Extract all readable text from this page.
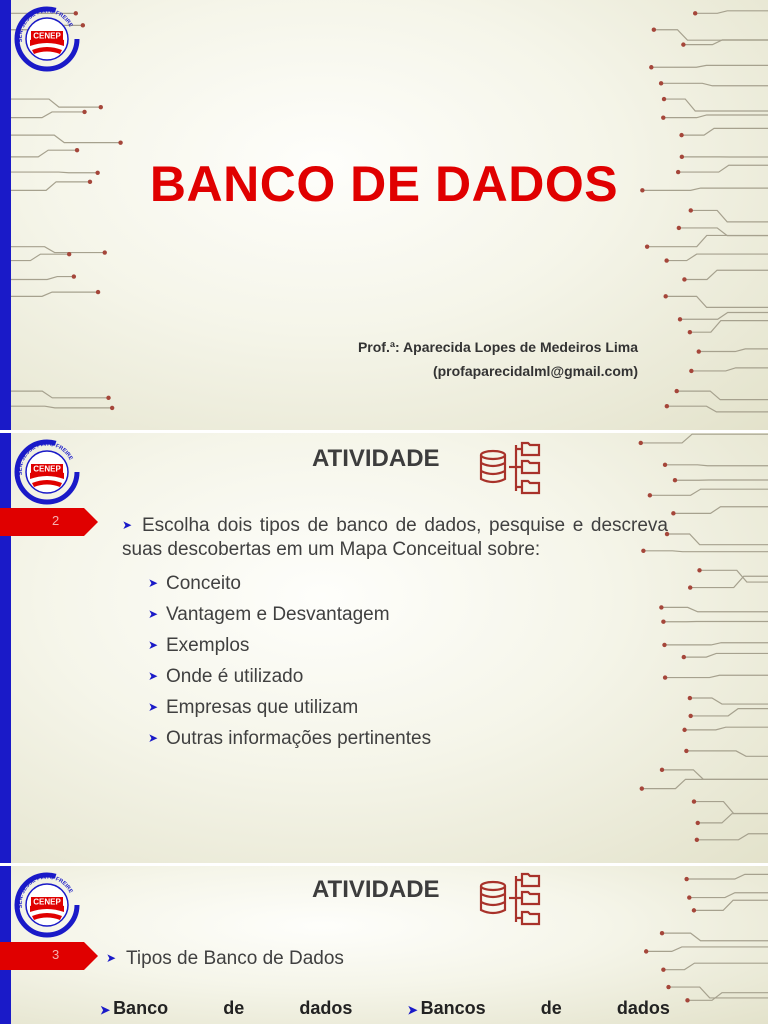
CENEP
SEN. JESSÉ PINTO FREIRE
BANCO DE DADOS
Prof.ª: Aparecida Lopes de Medeiros Lima
(profaparecidalml@gmail.com)
CENEP
SEN. JESSÉ PINTO FREIRE	ATIVIDADE
2	➤ Escolha dois tipos de banco de dados, pesquise e descreva suas descobertas em um Mapa Conceitual sobre:
➤ Conceito
➤ Vantagem e Desvantagem
➤ Exemplos
➤ Onde é utilizado
➤ Empresas que utilizam
➤ Outras informações pertinentes
CENEP
SEN. JESSÉ PINTO FREIRE	ATIVIDADE
3	➤ Tipos de Banco de Dados
➤ Banco	de	dados	➤ Bancos	de	dados
